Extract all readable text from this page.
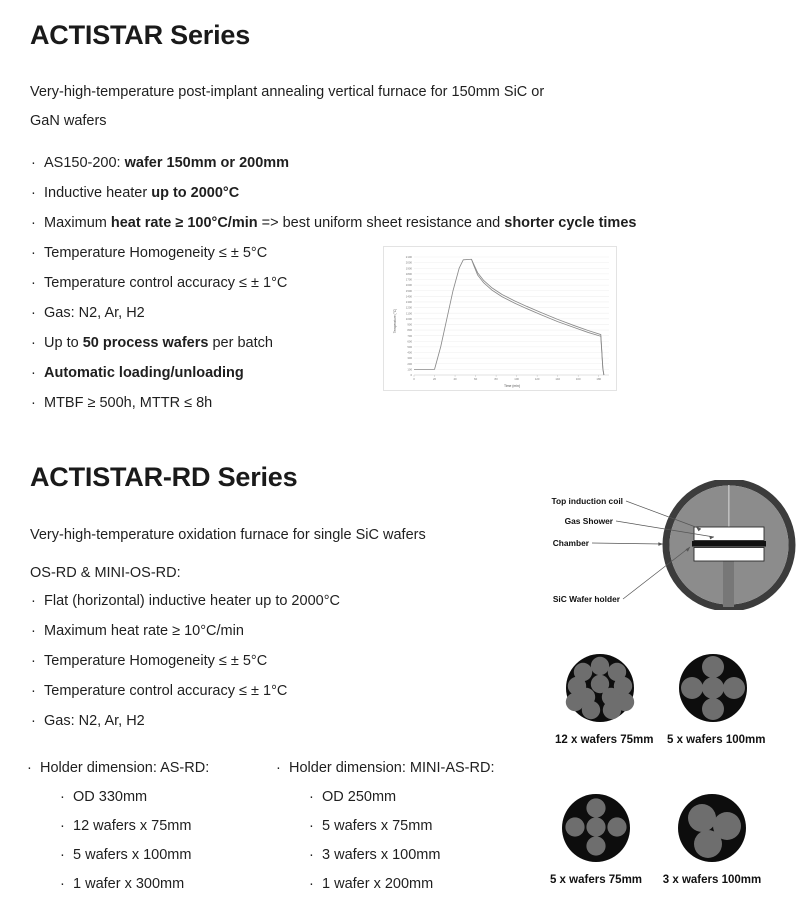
ACTISTAR Series
Very-high-temperature post-implant annealing vertical furnace for 150mm SiC or GaN wafers
· AS150-200: wafer 150mm or 200mm
· Inductive heater up to 2000°C
· Maximum heat rate ≥ 100°C/min => best uniform sheet resistance and shorter cycle times
· Temperature Homogeneity ≤ ± 5°C
· Temperature control accuracy ≤ ± 1°C
· Gas: N2, Ar, H2
· Up to 50 process wafers per batch
· Automatic loading/unloading
· MTBF ≥ 500h, MTTR ≤ 8h
0
100
200
300
400
500
600
700
800
900
1000
1100
1200
1300
1400
1500
1600
1700
1800
1900
2000
2100
0	20	40	60	80	100	120	140	160	180
Time (min)
Temperature (°C)
ACTISTAR-RD Series
Very-high-temperature oxidation furnace for single SiC wafers
OS-RD & MINI-OS-RD:
· Flat (horizontal) inductive heater up to 2000°C
· Maximum heat rate ≥ 10°C/min
· Temperature Homogeneity ≤ ± 5°C
· Temperature control accuracy ≤ ± 1°C
· Gas: N2, Ar, H2
· Holder dimension: AS-RD:
· OD 330mm
· 12 wafers x 75mm
· 5 wafers x 100mm
· 1 wafer x 300mm
· Holder dimension: MINI-AS-RD:
· OD 250mm
· 5 wafers x 75mm
· 3 wafers x 100mm
· 1 wafer x 200mm
Top induction coil
Gas Shower
Chamber
SiC Wafer holder
12 x wafers 75mm 5 x wafers 100mm
5 x wafers 75mm 3 x wafers 100mm
